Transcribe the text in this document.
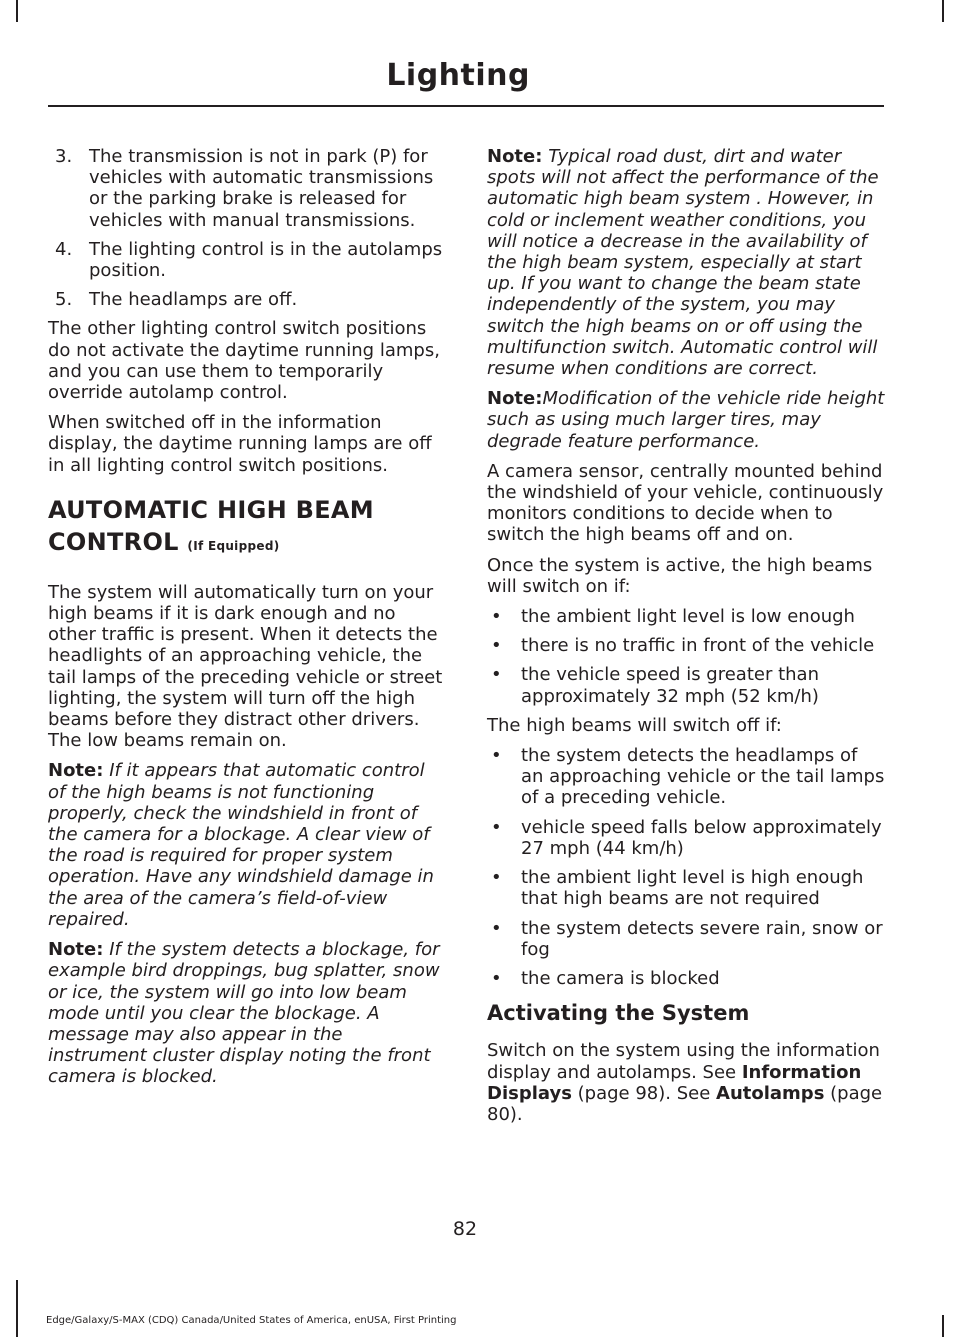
Lighting
3. The transmission is not in park (P) for vehicles with automatic transmissions or the parking brake is released for vehicles with manual transmissions.
4. The lighting control is in the autolamps position.
5. The headlamps are off.

The other lighting control switch positions do not activate the daytime running lamps, and you can use them to temporarily override autolamp control.

When switched off in the information display, the daytime running lamps are off in all lighting control switch positions.

AUTOMATIC HIGH BEAM CONTROL (If Equipped)

The system will automatically turn on your high beams if it is dark enough and no other traffic is present. When it detects the headlights of an approaching vehicle, the tail lamps of the preceding vehicle or street lighting, the system will turn off the high beams before they distract other drivers. The low beams remain on.

Note: If it appears that automatic control of the high beams is not functioning properly, check the windshield in front of the camera for a blockage. A clear view of the road is required for proper system operation. Have any windshield damage in the area of the camera’s field-of-view repaired.

Note: If the system detects a blockage, for example bird droppings, bug splatter, snow or ice, the system will go into low beam mode until you clear the blockage. A message may also appear in the instrument cluster display noting the front camera is blocked.

Note: Typical road dust, dirt and water spots will not affect the performance of the automatic high beam system . However, in cold or inclement weather conditions, you will notice a decrease in the availability of the high beam system, especially at start up. If you want to change the beam state independently of the system, you may switch the high beams on or off using the multifunction switch. Automatic control will resume when conditions are correct.

Note:Modification of the vehicle ride height such as using much larger tires, may degrade feature performance.

A camera sensor, centrally mounted behind the windshield of your vehicle, continuously monitors conditions to decide when to switch the high beams off and on.

Once the system is active, the high beams will switch on if:

• the ambient light level is low enough
• there is no traffic in front of the vehicle
• the vehicle speed is greater than approximately 32 mph (52 km/h)

The high beams will switch off if:

• the system detects the headlamps of an approaching vehicle or the tail lamps of a preceding vehicle.
• vehicle speed falls below approximately 27 mph (44 km/h)
• the ambient light level is high enough that high beams are not required
• the system detects severe rain, snow or fog
• the camera is blocked
Activating the System

Switch on the system using the information display and autolamps. See Information Displays (page 98). See Autolamps (page 80).

82
Edge/Galaxy/S-MAX (CDQ) Canada/United States of America, enUSA, First Printing
